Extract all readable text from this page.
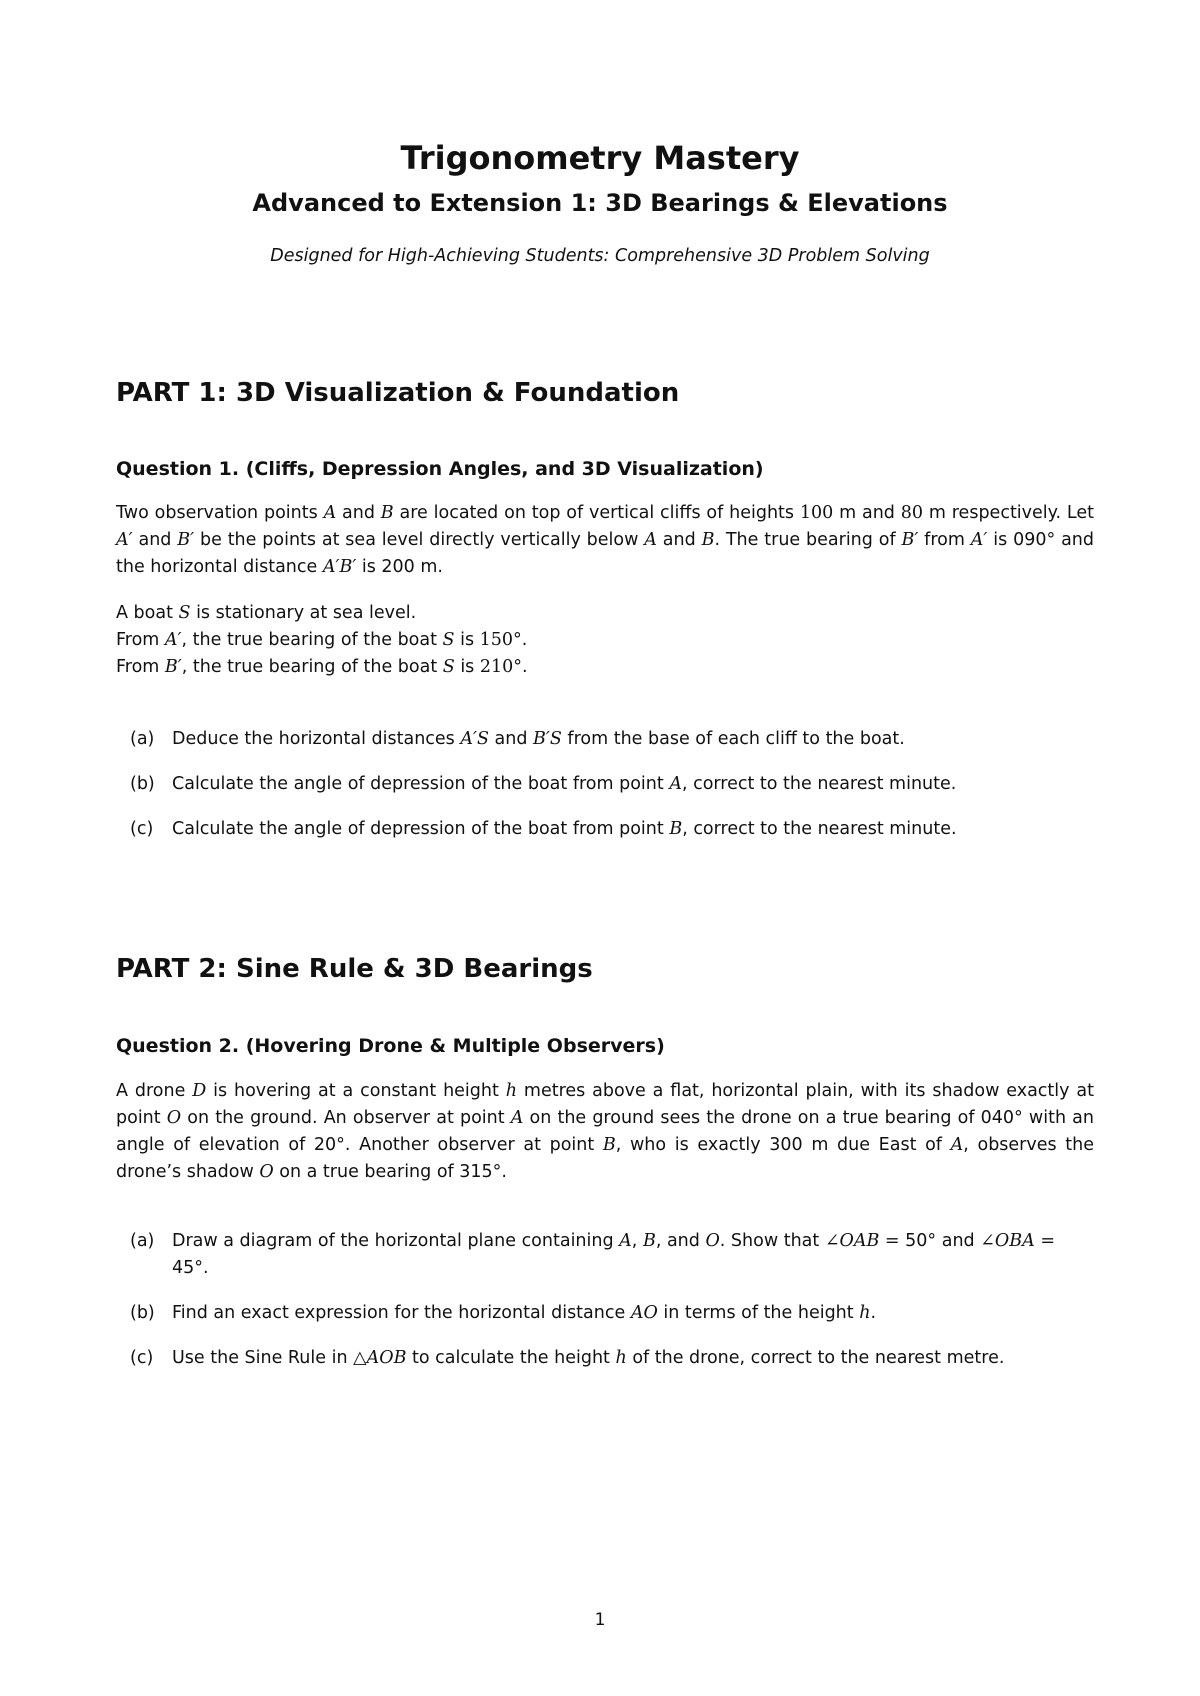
Trigonometry Mastery
Advanced to Extension 1: 3D Bearings & Elevations
Designed for High-Achieving Students: Comprehensive 3D Problem Solving
PART 1: 3D Visualization & Foundation
Question 1. (Cliffs, Depression Angles, and 3D Visualization)

Two observation points A and B are located on top of vertical cliffs of heights 100 m and 80 m respectively. Let A′ and B′ be the points at sea level directly vertically below A and B. The true bearing of B′ from A′ is 090° and the horizontal distance A′B′ is 200 m.

A boat S is stationary at sea level.
From A′, the true bearing of the boat S is 150°.
From B′, the true bearing of the boat S is 210°.
(a) Deduce the horizontal distances A′S and B′S from the base of each cliff to the boat.
(b) Calculate the angle of depression of the boat from point A, correct to the nearest minute.
(c) Calculate the angle of depression of the boat from point B, correct to the nearest minute.
PART 2: Sine Rule & 3D Bearings
Question 2. (Hovering Drone & Multiple Observers)

A drone D is hovering at a constant height h metres above a flat, horizontal plain, with its shadow exactly at point O on the ground. An observer at point A on the ground sees the drone on a true bearing of 040° with an angle of elevation of 20°. Another observer at point B, who is exactly 300 m due East of A, observes the drone’s shadow O on a true bearing of 315°.

(a) Draw a diagram of the horizontal plane containing A, B, and O. Show that ∠OAB = 50° and ∠OBA = 45°.
(b) Find an exact expression for the horizontal distance AO in terms of the height h.
(c) Use the Sine Rule in △AOB to calculate the height h of the drone, correct to the nearest metre.
1
